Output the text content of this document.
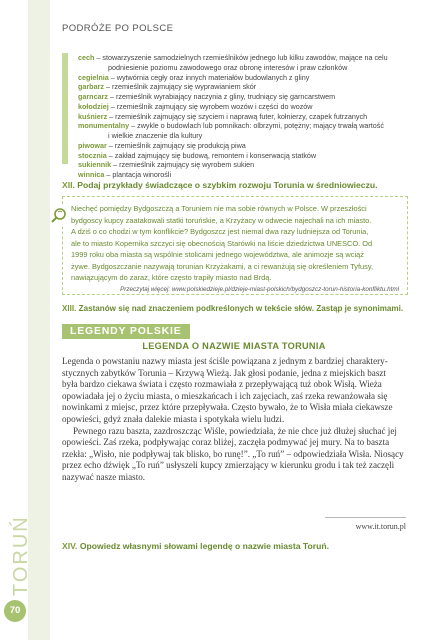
TORUŃ
70
PODRÓŻE PO POLSCE
cech – stowarzyszenie samodzielnych rzemieślników jednego lub kilku zawodów, mające na celu
podniesienie poziomu zawodowego oraz obronę interesów i praw członków
cegielnia – wytwórnia cegły oraz innych materiałów budowlanych z gliny
garbarz – rzemieślnik zajmujący się wyprawianiem skór
garncarz – rzemieślnik wyrabiający naczynia z gliny, trudniący się garncarstwem
kołodziej – rzemieślnik zajmujący się wyrobem wozów i części do wozów
kuśnierz – rzemieślnik zajmujący się szyciem i naprawą futer, kołnierzy, czapek futrzanych
monumentalny – zwykle o budowlach lub pomnikach: olbrzymi, potężny; mający trwałą wartość
i wielkie znaczenie dla kultury
piwowar – rzemieślnik zajmujący się produkcją piwa
stocznia – zakład zajmujący się budową, remontem i konserwacją statków
sukiennik – rzemieślnik zajmujący się wyrobem sukien
winnica – plantacja winorośli
XII. Podaj przykłady świadczące o szybkim rozwoju Torunia w średniowieczu.
Niechęć pomiędzy Bydgoszczą a Toruniem nie ma sobie równych w Polsce. W przeszłości
bydgoscy kupcy zaatakowali statki toruńskie, a Krzyżacy w odwecie najechali na ich miasto.
A dziś o co chodzi w tym konflikcie? Bydgoszcz jest niemal dwa razy ludniejsza od Torunia,
ale to miasto Kopernika szczyci się obecnością Starówki na liście dziedzictwa UNESCO. Od
1999 roku oba miasta są wspólnie stolicami jednego województwa, ale animozje są wciąż
żywe. Bydgoszczanie nazywają torunian Krzyżakami, a ci rewanżują się określeniem Tyfusy,
nawiązującym do zaraz, które często trapiły miasto nad Brdą.
Przeczytaj więcej: www.polskiedzieje.pl/dzieje-miast-polskich/bydgoszcz-torun-historia-konfliktu.html
XIII. Zastanów się nad znaczeniem podkreślonych w tekście słów. Zastąp je synonimami.
LEGENDY POLSKIE
LEGENDA O NAZWIE MIASTA TORUNIA
Legenda o powstaniu nazwy miasta jest ściśle powiązana z jednym z bardziej charaktery-
stycznych zabytków Torunia – Krzywą Wieżą. Jak głosi podanie, jedna z miejskich baszt
była bardzo ciekawa świata i często rozmawiała z przepływającą tuż obok Wisłą. Wieża
opowiadała jej o życiu miasta, o mieszkańcach i ich zajęciach, zaś rzeka rewanżowała się
nowinkami z miejsc, przez które przepływała. Często bywało, że to Wisła miała ciekawsze
opowieści, gdyż znała dalekie miasta i spotykała wielu ludzi.
Pewnego razu baszta, zazdroszcząc Wiśle, powiedziała, że nie chce już dłużej słuchać jej
opowieści. Zaś rzeka, podpływając coraz bliżej, zaczęła podmywać jej mury. Na to baszta
rzekła: „Wisło, nie podpływaj tak blisko, bo runę!”. „To ruń” – odpowiedziała Wisła. Niosący
przez echo dźwięk „To ruń” usłyszeli kupcy zmierzający w kierunku grodu i tak też zaczęli
nazywać nasze miasto.
www.it.torun.pl
XIV. Opowiedz własnymi słowami legendę o nazwie miasta Toruń.
